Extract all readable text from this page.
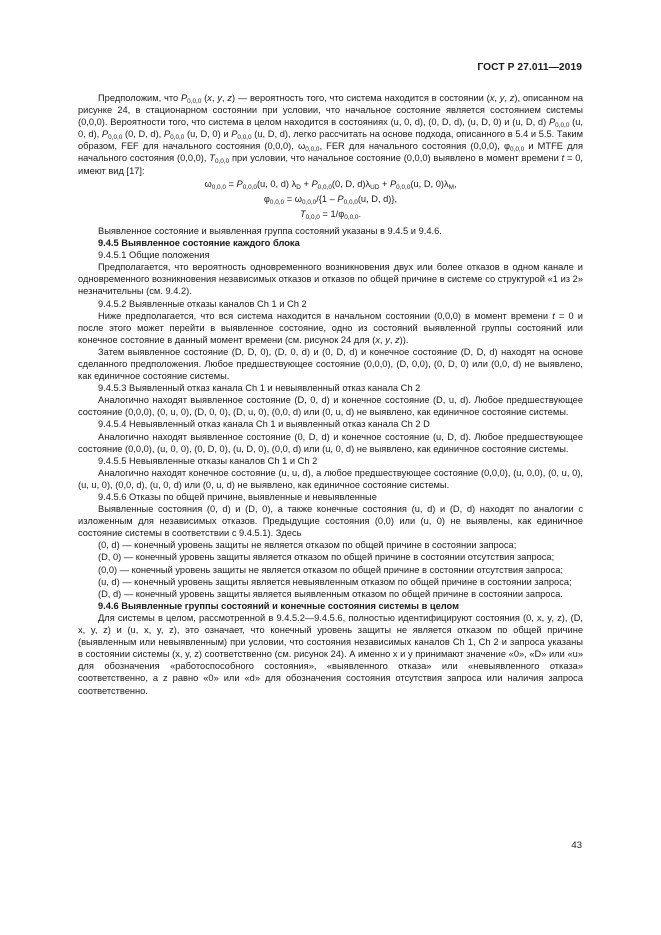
ГОСТ Р 27.011—2019

Предположим, что $P_{0,0,0}$ (x, y, z) — вероятность того, что система находится в состоянии (x, y, z), описанном на рисунке 24, в стационарном состоянии при условии, что начальное состояние является состоянием системы (0,0,0). Вероятности того, что система в целом находится в состояниях (u, 0, d), (0, D, d), (u, D, 0) и (u, D, d) $P_{0,0,0}$ (u, 0, d), $P_{0,0,0}$ (0, D, d), $P_{0,0,0}$ (u, D, 0) и $P_{0,0,0}$ (u, D, d), легко рассчитать на основе подхода, описанного в 5.4 и 5.5. Таким образом, FEF для начального состояния (0,0,0), $\omega_{0,0,0}$, FER для начального состояния (0,0,0), $\varphi_{0,0,0}$ и MTFE для начального состояния (0,0,0), $T_{0,0,0}$ при условии, что начальное состояние (0,0,0) выявлено в момент времени t = 0, имеют вид [17]:

$\omega_{0,0,0} = P_{0,0,0}(u$, 0, d) $\lambda_D + P_{0,0,0}(0$, D, $d)\lambda_{UD} + P_{0,0,0}(u$, D, $0)\lambda_M$,

$\varphi_{0,0,0} = \omega_{0,0,0}/\{1 - P_{0,0,0}(u$, D, d)},

$T_{0,0,0} = 1/\varphi_{0,0,0}$.

Выявленное состояние и выявленная группа состояний указаны в 9.4.5 и 9.4.6.

9.4.5 Выявленное состояние каждого блока

9.4.5.1 Общие положения

Предполагается, что вероятность одновременного возникновения двух или более отказов в одном канале и одновременного возникновения независимых отказов и отказов по общей причине в системе со структурой «1 из 2» незначительны (см. 9.4.2).

9.4.5.2 Выявленные отказы каналов Ch 1 и Ch 2

Ниже предполагается, что вся система находится в начальном состоянии (0,0,0) в момент времени t = 0 и после этого может перейти в выявленное состояние, одно из состояний выявленной группы состояний или конечное состояние в данный момент времени (см. рисунок 24 для (x, y, z)).

Затем выявленное состояние (D, D, 0), (D, 0, d) и (0, D, d) и конечное состояние (D, D, d) находят на основе сделанного предположения. Любое предшествующее состояние (0,0,0), (D, 0,0), (0, D, 0) или (0,0, d) не выявлено, как единичное состояние системы.

9.4.5.3 Выявленный отказ канала Ch 1 и невыявленный отказ канала Ch 2

Аналогично находят выявленное состояние (D, 0, d) и конечное состояние (D, u, d). Любое предшествующее состояние (0,0,0), (0, u, 0), (D, 0, 0), (D, u, 0), (0,0, d) или (0, u, d) не выявлено, как единичное состояние системы.

9.4.5.4 Невыявленный отказ канала Ch 1 и выявленный отказ канала Ch 2 D

Аналогично находят выявленное состояние (0, D, d) и конечное состояние (u, D, d). Любое предшествующее состояние (0,0,0), (u, 0, 0), (0, D, 0), (u, D, 0), (0,0, d) или (u, 0, d) не выявлено, как единичное состояние системы.

9.4.5.5 Невыявленные отказы каналов Ch 1 и Ch 2

Аналогично находят конечное состояние (u, u, d), а любое предшествующее состояние (0,0,0), (u, 0,0), (0, u, 0), (u, u, 0), (0,0, d), (u, 0, d) или (0, u, d) не выявлено, как единичное состояние системы.

9.4.5.6 Отказы по общей причине, выявленные и невыявленные

Выявленные состояния (0, d) и (D, 0), а также конечные состояния (u, d) и (D, d) находят по аналогии с изложенным для независимых отказов. Предыдущие состояния (0,0) или (u, 0) не выявлены, как единичное состояние системы в соответствии с 9.4.5.1). Здесь

(0, d) — конечный уровень защиты не является отказом по общей причине в состоянии запроса;

(D, 0) — конечный уровень защиты является отказом по общей причине в состоянии отсутствия запроса;

(0,0) — конечный уровень защиты не является отказом по общей причине в состоянии отсутствия запроса;

(u, d) — конечный уровень защиты является невыявленным отказом по общей причине в состоянии запроса;

(D, d) — конечный уровень защиты является выявленным отказом по общей причине в состоянии запроса.

9.4.6 Выявленные группы состояний и конечные состояния системы в целом

Для системы в целом, рассмотренной в 9.4.5.2—9.4.5.6, полностью идентифицируют состояния (0, x, y, z), (D, x, y, z) и (u, x, y, z), это означает, что конечный уровень защиты не является отказом по общей причине (выявленным или невыявленным) при условии, что состояния независимых каналов Ch 1, Ch 2 и запроса указаны в состоянии системы (x, y, z) соответственно (см. рисунок 24). А именно x и y принимают значение «0», «D» или «u» для обозначения «работоспособного состояния», «выявленного отказа» или «невыявленного отказа» соответственно, а z равно «0» или «d» для обозначения состояния отсутствия запроса или наличия запроса соответственно.

43
